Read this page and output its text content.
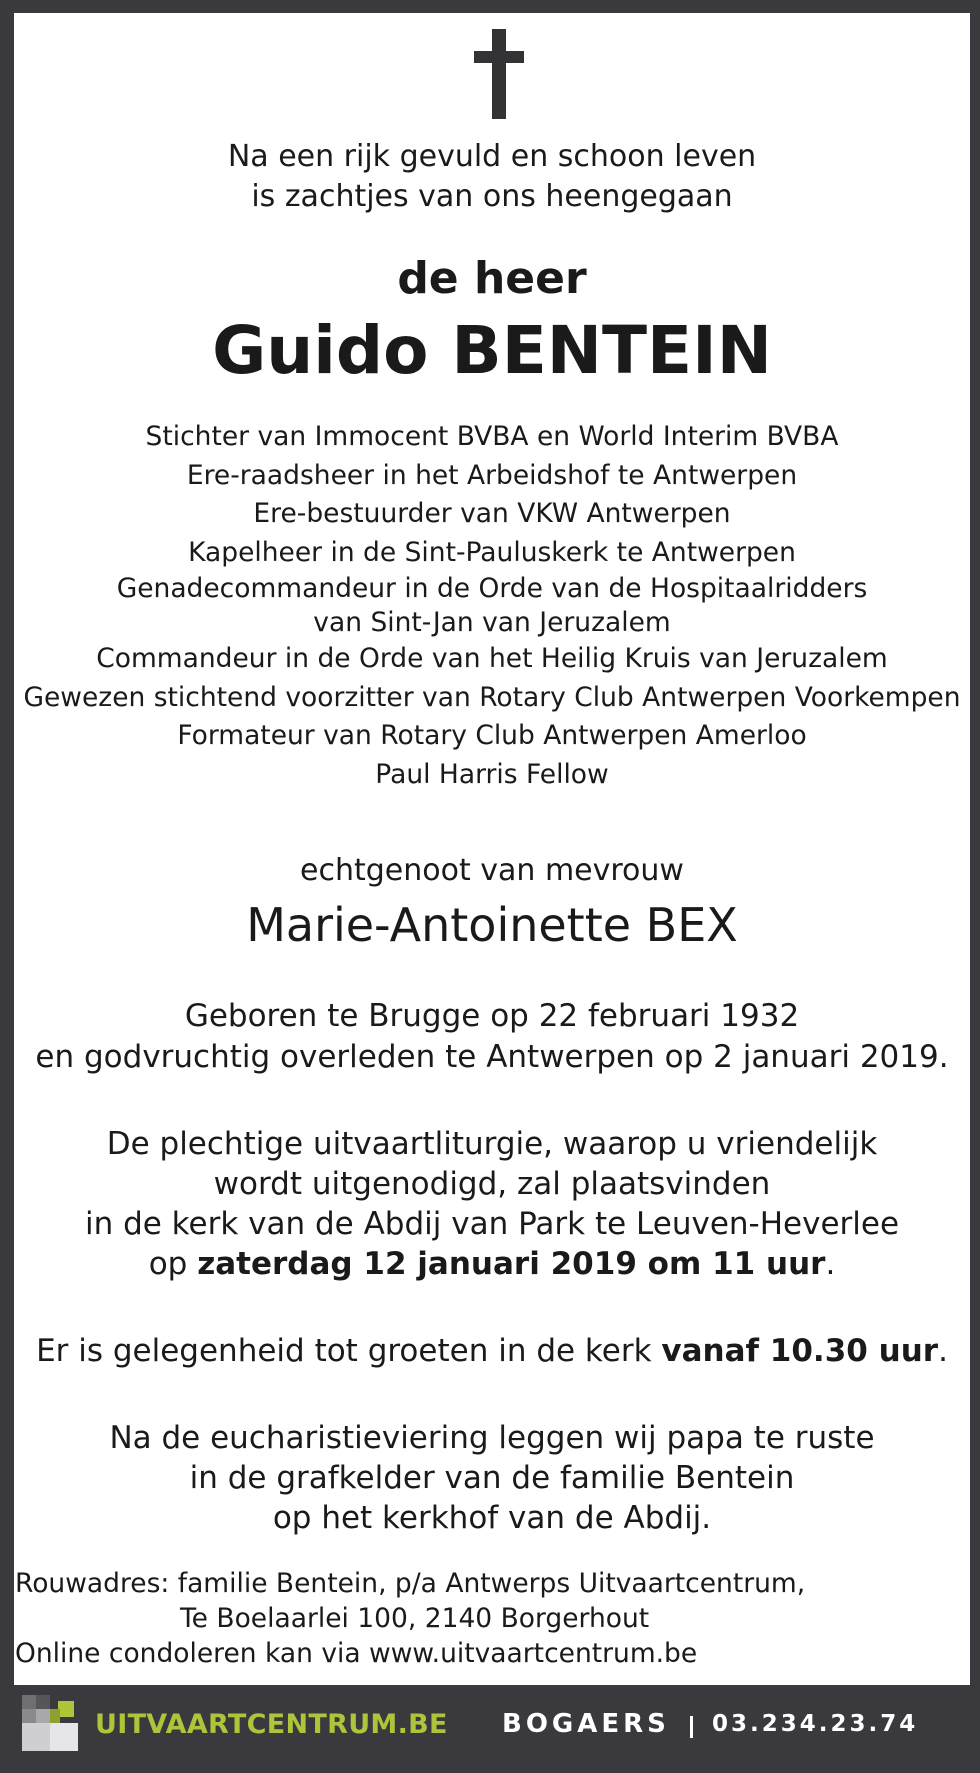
Na een rijk gevuld en schoon leven
is zachtjes van ons heengegaan
de heer
Guido BENTEIN
Stichter van Immocent BVBA en World Interim BVBA
Ere-raadsheer in het Arbeidshof te Antwerpen
Ere-bestuurder van VKW Antwerpen
Kapelheer in de Sint-Pauluskerk te Antwerpen
Genadecommandeur in de Orde van de Hospitaalridders
van Sint-Jan van Jeruzalem
Commandeur in de Orde van het Heilig Kruis van Jeruzalem
Gewezen stichtend voorzitter van Rotary Club Antwerpen Voorkempen
Formateur van Rotary Club Antwerpen Amerloo
Paul Harris Fellow
echtgenoot van mevrouw
Marie-Antoinette BEX
Geboren te Brugge op 22 februari 1932
en godvruchtig overleden te Antwerpen op 2 januari 2019.
De plechtige uitvaartliturgie, waarop u vriendelijk
wordt uitgenodigd, zal plaatsvinden
in de kerk van de Abdij van Park te Leuven-Heverlee
op zaterdag 12 januari 2019 om 11 uur.
Er is gelegenheid tot groeten in de kerk vanaf 10.30 uur.
Na de eucharistieviering leggen wij papa te ruste
in de grafkelder van de familie Bentein
op het kerkhof van de Abdij.
Rouwadres: familie Bentein, p/a Antwerps Uitvaartcentrum,
Te Boelaarlei 100, 2140 Borgerhout
Online condoleren kan via www.uitvaartcentrum.be
UITVAARTCENTRUM.BE BOGAERS 03.234.23.74
